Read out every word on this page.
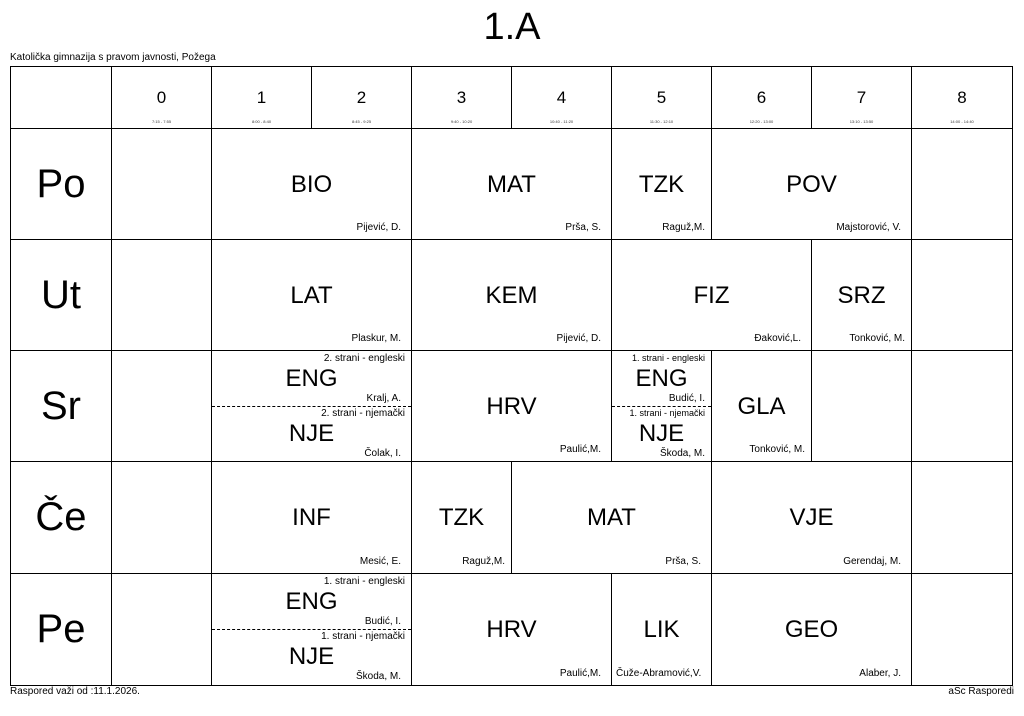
1.A
Katolička gimnazija s pravom javnosti, Požega
0
7:15 - 7:55
1
8:00 - 8:40
2
8:45 - 9:25
3
9:40 - 10:20
4
10:40 - 11:20
5
11:30 - 12:10
6
12:20 - 13:00
7
13:10 - 13:50
8
14:00 - 14:40
Po
Ut
Sr
Če
Pe
BIO
Pijević, D.
MAT
Prša, S.
TZK
Raguž,M.
POV
Majstorović, V.
LAT
Plaskur, M.
KEM
Pijević, D.
FIZ
Đaković,L.
SRZ
Tonković, M.
2. strani - engleski
ENG
Kralj, A.
2. strani - njemački
NJE
Čolak, I.
HRV
Paulić,M.
1. strani - engleski
ENG
Budić, I.
1. strani - njemački
NJE
Škoda, M.
GLA
Tonković, M.
INF
Mesić, E.
TZK
Raguž,M.
MAT
Prša, S.
VJE
Gerendaj, M.
1. strani - engleski
ENG
Budić, I.
1. strani - njemački
NJE
Škoda, M.
HRV
Paulić,M.
LIK
Čuže-Abramović,V.
GEO
Alaber, J.
Raspored važi od :11.1.2026.	aSc Rasporedi
